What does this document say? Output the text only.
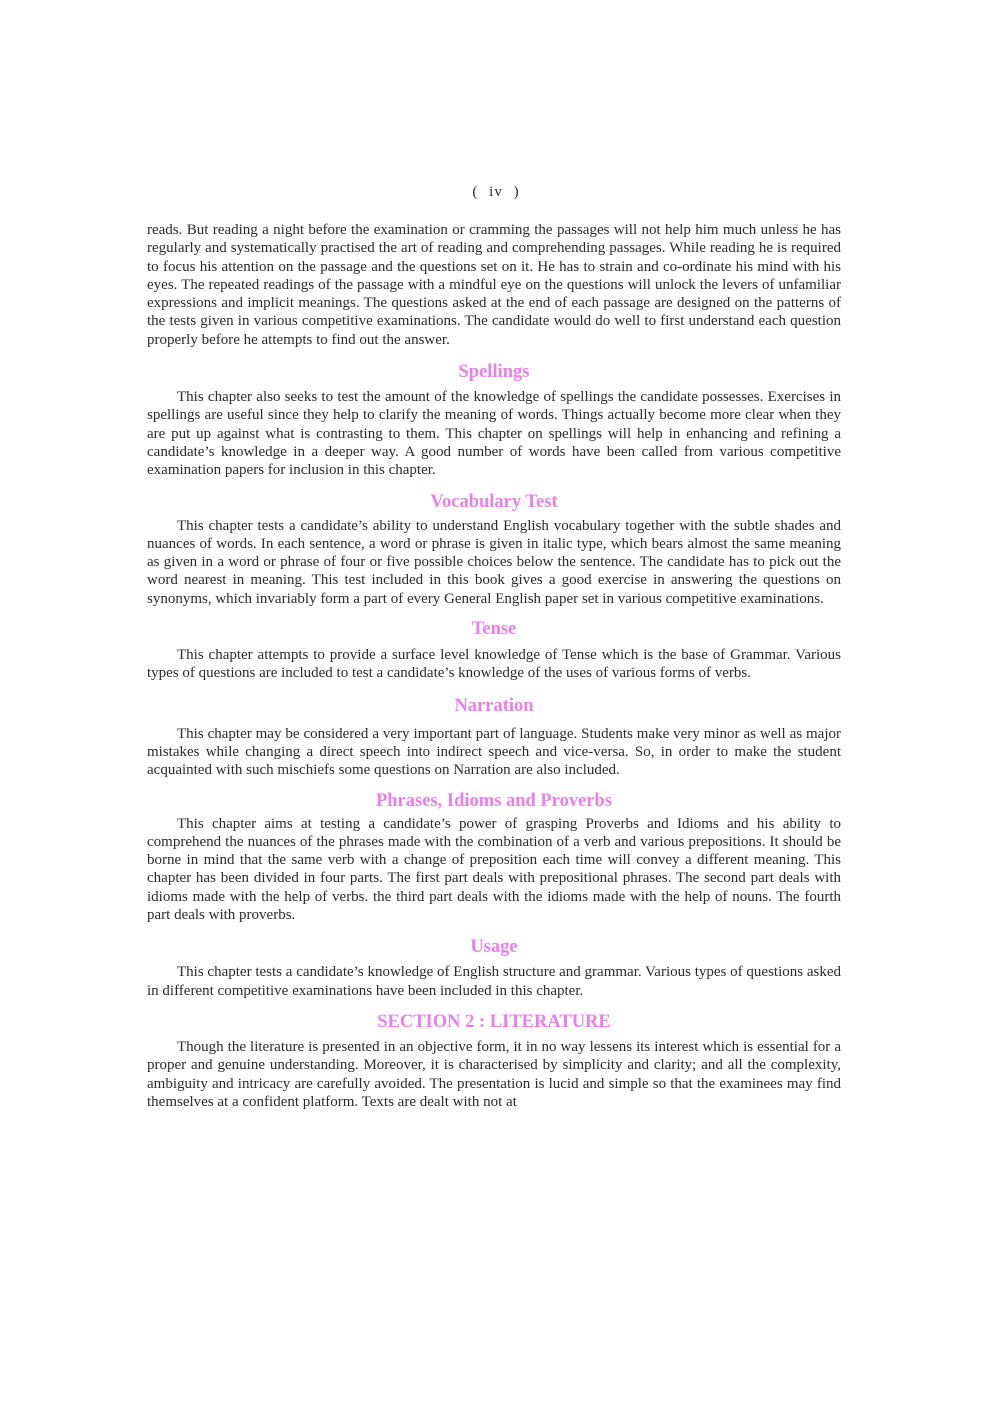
( iv )

reads. But reading a night before the examination or cramming the passages will not help him much unless he has regularly and systematically practised the art of reading and comprehending passages. While reading he is required to focus his attention on the passage and the questions set on it. He has to strain and co-ordinate his mind with his eyes. The repeated readings of the passage with a mindful eye on the questions will unlock the levers of unfamiliar expressions and implicit meanings. The questions asked at the end of each passage are designed on the patterns of the tests given in various competitive examinations. The candidate would do well to first understand each question properly before he attempts to find out the answer.

Spellings

This chapter also seeks to test the amount of the knowledge of spellings the candidate possesses. Exercises in spellings are useful since they help to clarify the meaning of words. Things actually become more clear when they are put up against what is contrasting to them. This chapter on spellings will help in enhancing and refining a candidate’s knowledge in a deeper way. A good number of words have been called from various competitive examination papers for inclusion in this chapter.

Vocabulary Test

This chapter tests a candidate’s ability to understand English vocabulary together with the subtle shades and nuances of words. In each sentence, a word or phrase is given in italic type, which bears almost the same meaning as given in a word or phrase of four or five possible choices below the sentence. The candidate has to pick out the word nearest in meaning. This test included in this book gives a good exercise in answering the questions on synonyms, which invariably form a part of every General English paper set in various competitive examinations.

Tense

This chapter attempts to provide a surface level knowledge of Tense which is the base of Grammar. Various types of questions are included to test a candidate’s knowledge of the uses of various forms of verbs.

Narration

This chapter may be considered a very important part of language. Students make very minor as well as major mistakes while changing a direct speech into indirect speech and vice-versa. So, in order to make the student acquainted with such mischiefs some questions on Narration are also included.

Phrases, Idioms and Proverbs

This chapter aims at testing a candidate’s power of grasping Proverbs and Idioms and his ability to comprehend the nuances of the phrases made with the combination of a verb and various prepositions. It should be borne in mind that the same verb with a change of preposition each time will convey a different meaning. This chapter has been divided in four parts. The first part deals with prepositional phrases. The second part deals with idioms made with the help of verbs. the third part deals with the idioms made with the help of nouns. The fourth part deals with proverbs.

Usage

This chapter tests a candidate’s knowledge of English structure and grammar. Various types of questions asked in different competitive examinations have been included in this chapter.

SECTION 2 : LITERATURE

Though the literature is presented in an objective form, it in no way lessens its interest which is essential for a proper and genuine understanding. Moreover, it is characterised by simplicity and clarity; and all the complexity, ambiguity and intricacy are carefully avoided. The presentation is lucid and simple so that the examinees may find themselves at a confident platform. Texts are dealt with not at
